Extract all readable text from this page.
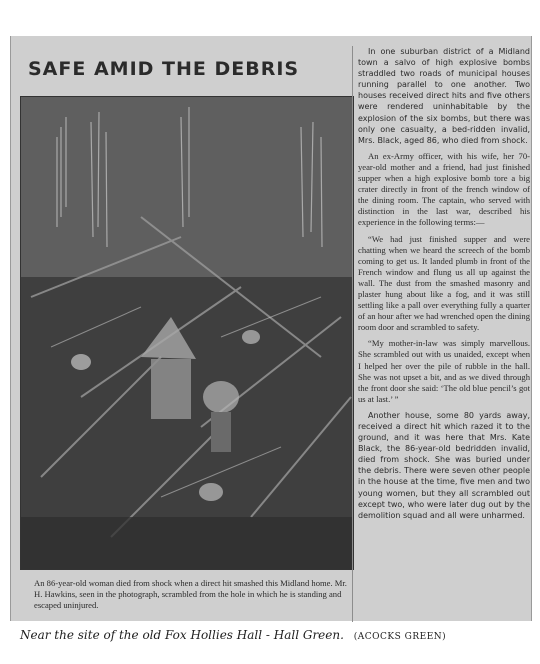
SAFE AMID THE DEBRIS
An 86-year-old woman died from shock when a direct hit smashed this Midland home. Mr. H. Hawkins, seen in the photograph, scrambled from the hole in which he is standing and escaped uninjured.

In one suburban district of a Midland town a salvo of high explosive bombs straddled two roads of municipal houses running parallel to one another. Two houses received direct hits and five others were rendered uninhabitable by the explosion of the six bombs, but there was only one casualty, a bed-ridden invalid, Mrs. Black, aged 86, who died from shock.

An ex-Army officer, with his wife, her 70-year-old mother and a friend, had just finished supper when a high explosive bomb tore a big crater directly in front of the french window of the dining room. The captain, who served with distinction in the last war, described his experience in the following terms:—

“We had just finished supper and were chatting when we heard the screech of the bomb coming to get us. It landed plumb in front of the French window and flung us all up against the wall. The dust from the smashed masonry and plaster hung about like a fog, and it was still settling like a pall over everything fully a quarter of an hour after we had wrenched open the dining room door and scrambled to safety.

“My mother-in-law was simply marvellous. She scrambled out with us unaided, except when I helped her over the pile of rubble in the hall. She was not upset a bit, and as we dived through the front door she said: ‘The old blue pencil’s got us at last.’ ”

Another house, some 80 yards away, received a direct hit which razed it to the ground, and it was here that Mrs. Kate Black, the 86-year-old bedridden invalid, died from shock. She was buried under the debris. There were seven other people in the house at the time, five men and two young women, but they all scrambled out except two, who were later dug out by the demolition squad and all were unharmed.

Near the site of the old Fox Hollies Hall - Hall Green. (ACOCKS GREEN)
